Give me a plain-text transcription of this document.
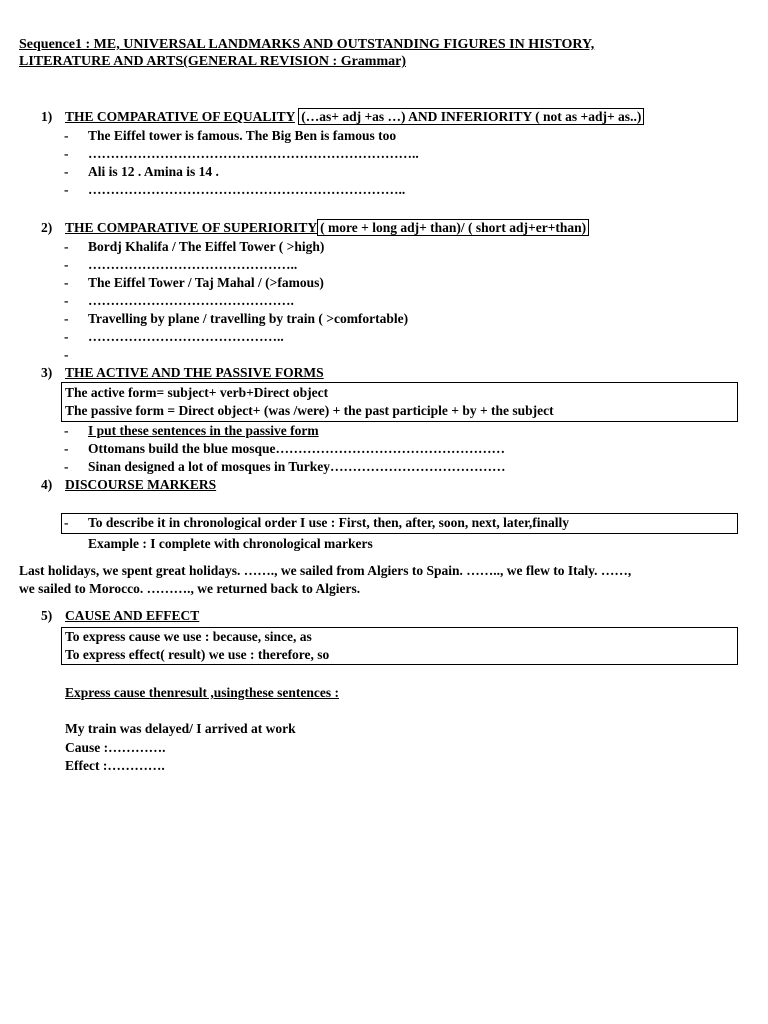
Sequence1 : ME, UNIVERSAL LANDMARKS AND OUTSTANDING FIGURES IN HISTORY,
LITERATURE AND ARTS(GENERAL REVISION : Grammar)
1) THE COMPARATIVE OF EQUALITY (…as+ adj +as …) AND INFERIORITY ( not as +adj+ as..)
-	The Eiffel tower is famous. The Big Ben is famous too
-	………………………………………………………………..
-	Ali is 12 . Amina is 14 .
-	……………………………………………………………..
2) THE COMPARATIVE OF SUPERIORITY ( more + long adj+ than)/ ( short adj+er+than)
-	Bordj Khalifa / The Eiffel Tower ( >high)
-	………………………………………..
-	The Eiffel Tower / Taj Mahal / (>famous)
-	……………………………………….
-	Travelling by plane / travelling by train ( >comfortable)
-	……………………………………..
-
3) THE ACTIVE AND THE PASSIVE FORMS
The active form= subject+ verb+Direct object
The passive form = Direct object+ (was /were) + the past participle + by + the subject
-	I put these sentences in the passive form
-	Ottomans build the blue mosque……………………………………………
-	Sinan designed a lot of mosques in Turkey…………………………………
4) DISCOURSE MARKERS
-	To describe it in chronological order I use : First, then, after, soon, next, later,finally
Example : I complete with chronological markers
Last holidays, we spent great holidays. ……., we sailed from Algiers to Spain. …….., we flew to Italy. ……,
we sailed to Morocco. ………., we returned back to Algiers.
5) CAUSE AND EFFECT
To express cause we use : because, since, as
To express effect( result) we use : therefore, so
Express cause thenresult ,usingthese sentences :
My train was delayed/ I arrived at work
Cause :………….
Effect :………….
